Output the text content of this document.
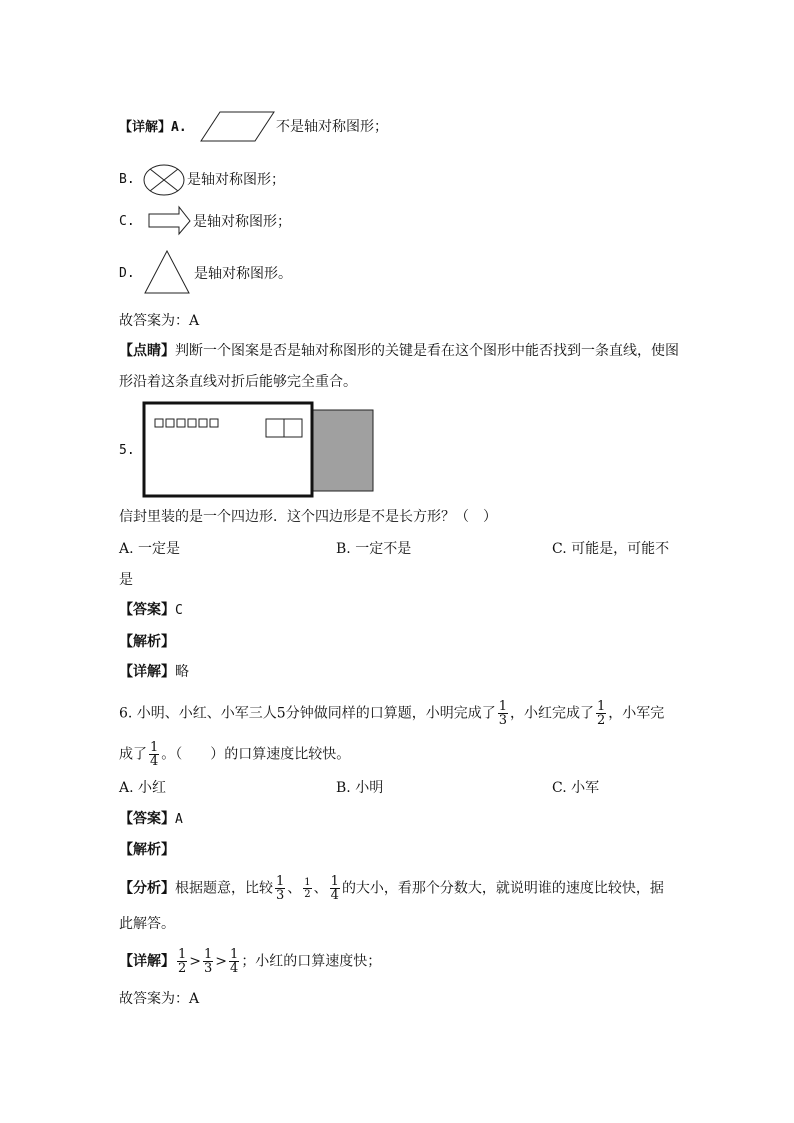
【详解】A.	不是轴对称图形；
B.	是轴对称图形；
C.	是轴对称图形；
D.	是轴对称图形。
故答案为：A
【点睛】判断一个图案是否是轴对称图形的关键是看在这个图形中能否找到一条直线，使图
形沿着这条直线对折后能够完全重合。
5.
信封里装的是一个四边形．这个四边形是不是长方形？（　）
A. 一定是	B. 一定不是	C. 可能是，可能不
是
【答案】C
【解析】
【详解】略
6. 小明、小红、小军三人5分钟做同样的口算题，小明完成了 $\frac{1}{3}$ ，小红完成了 $\frac{1}{2}$ ，小军完
成了 $\frac{1}{4}$ 。（　　）的口算速度比较快。
A. 小红	B. 小明	C. 小军
【答案】A
【解析】
【分析】根据题意，比较 $\frac{1}{3}$ 、 $\frac{1}{2}$ 、 $\frac{1}{4}$ 的大小，看那个分数大，就说明谁的速度比较快，据
此解答。
【详解】 $\frac{1}{2} > \frac{1}{3} > \frac{1}{4}$ ；小红的口算速度快；
故答案为：A
